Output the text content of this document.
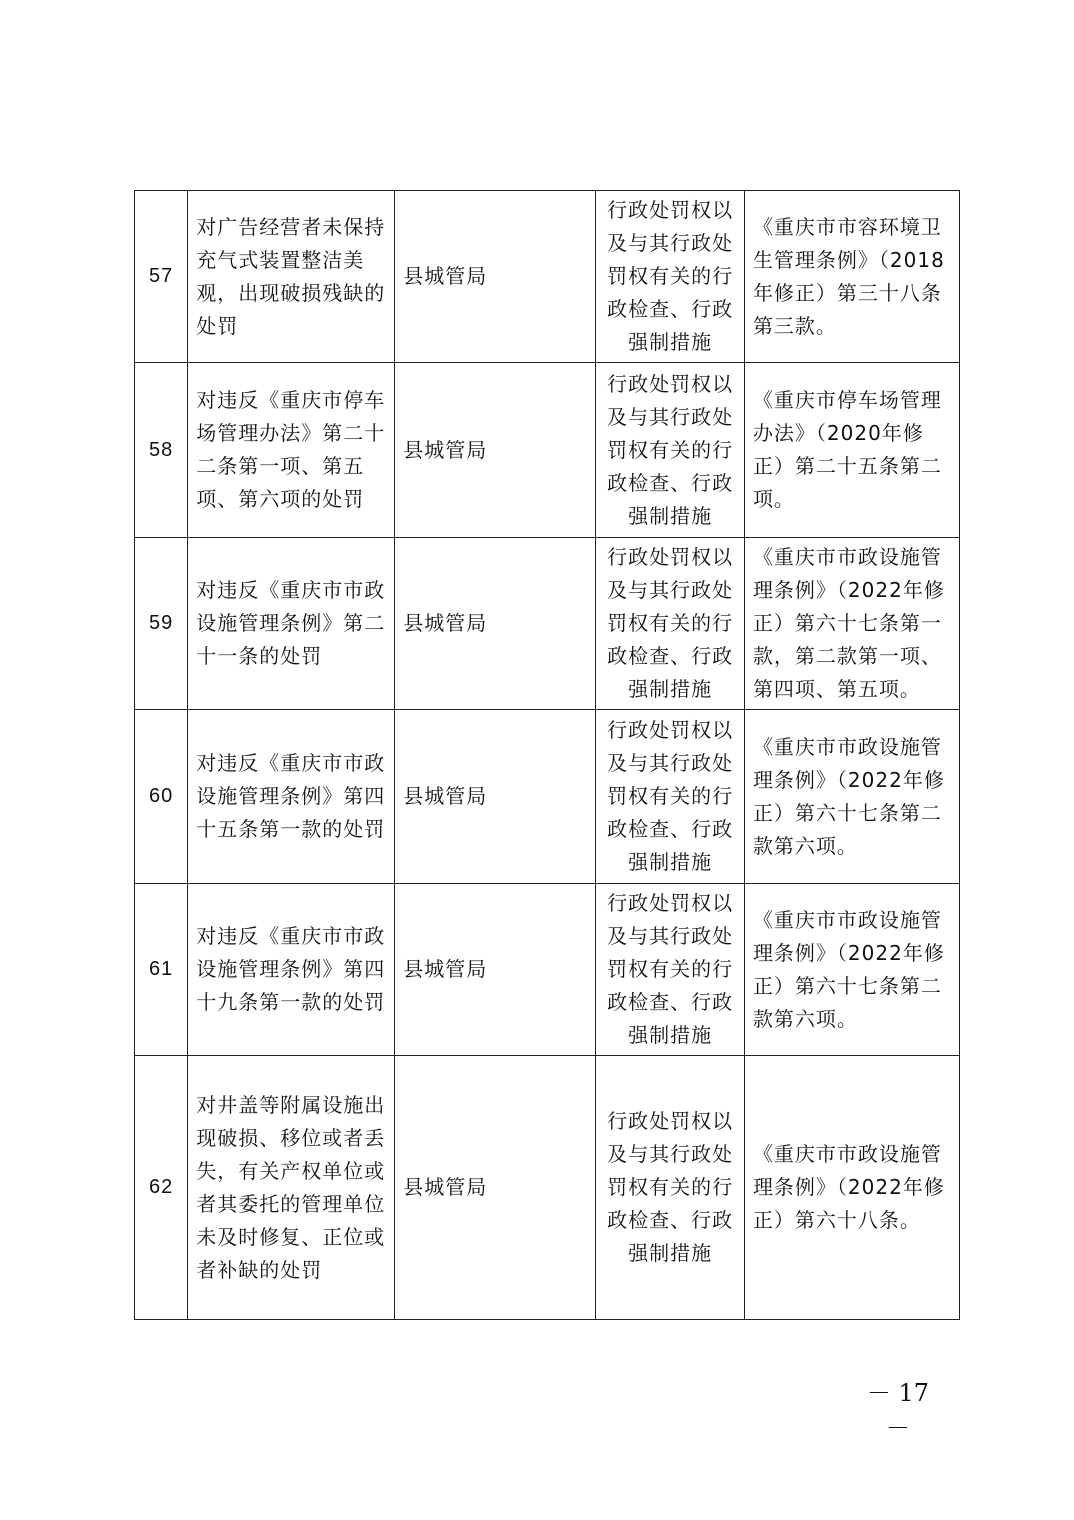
57	对广告经营者未保持充气式装置整洁美观，出现破损残缺的处罚	县城管局	行政处罚权以及与其行政处罚权有关的行政检查、行政强制措施	《重庆市市容环境卫生管理条例》（2018年修正）第三十八条第三款。
58	对违反《重庆市停车场管理办法》第二十二条第一项、第五项、第六项的处罚	县城管局	行政处罚权以及与其行政处罚权有关的行政检查、行政强制措施	《重庆市停车场管理办法》（2020年修正）第二十五条第二项。
59	对违反《重庆市市政设施管理条例》第二十一条的处罚	县城管局	行政处罚权以及与其行政处罚权有关的行政检查、行政强制措施	《重庆市市政设施管理条例》（2022年修正）第六十七条第一款，第二款第一项、第四项、第五项。
60	对违反《重庆市市政设施管理条例》第四十五条第一款的处罚	县城管局	行政处罚权以及与其行政处罚权有关的行政检查、行政强制措施	《重庆市市政设施管理条例》（2022年修正）第六十七条第二款第六项。
61	对违反《重庆市市政设施管理条例》第四十九条第一款的处罚	县城管局	行政处罚权以及与其行政处罚权有关的行政检查、行政强制措施	《重庆市市政设施管理条例》（2022年修正）第六十七条第二款第六项。
62	对井盖等附属设施出现破损、移位或者丢失，有关产权单位或者其委托的管理单位未及时修复、正位或者补缺的处罚	县城管局	行政处罚权以及与其行政处罚权有关的行政检查、行政强制措施	《重庆市市政设施管理条例》（2022年修正）第六十八条。
－ 17 －
